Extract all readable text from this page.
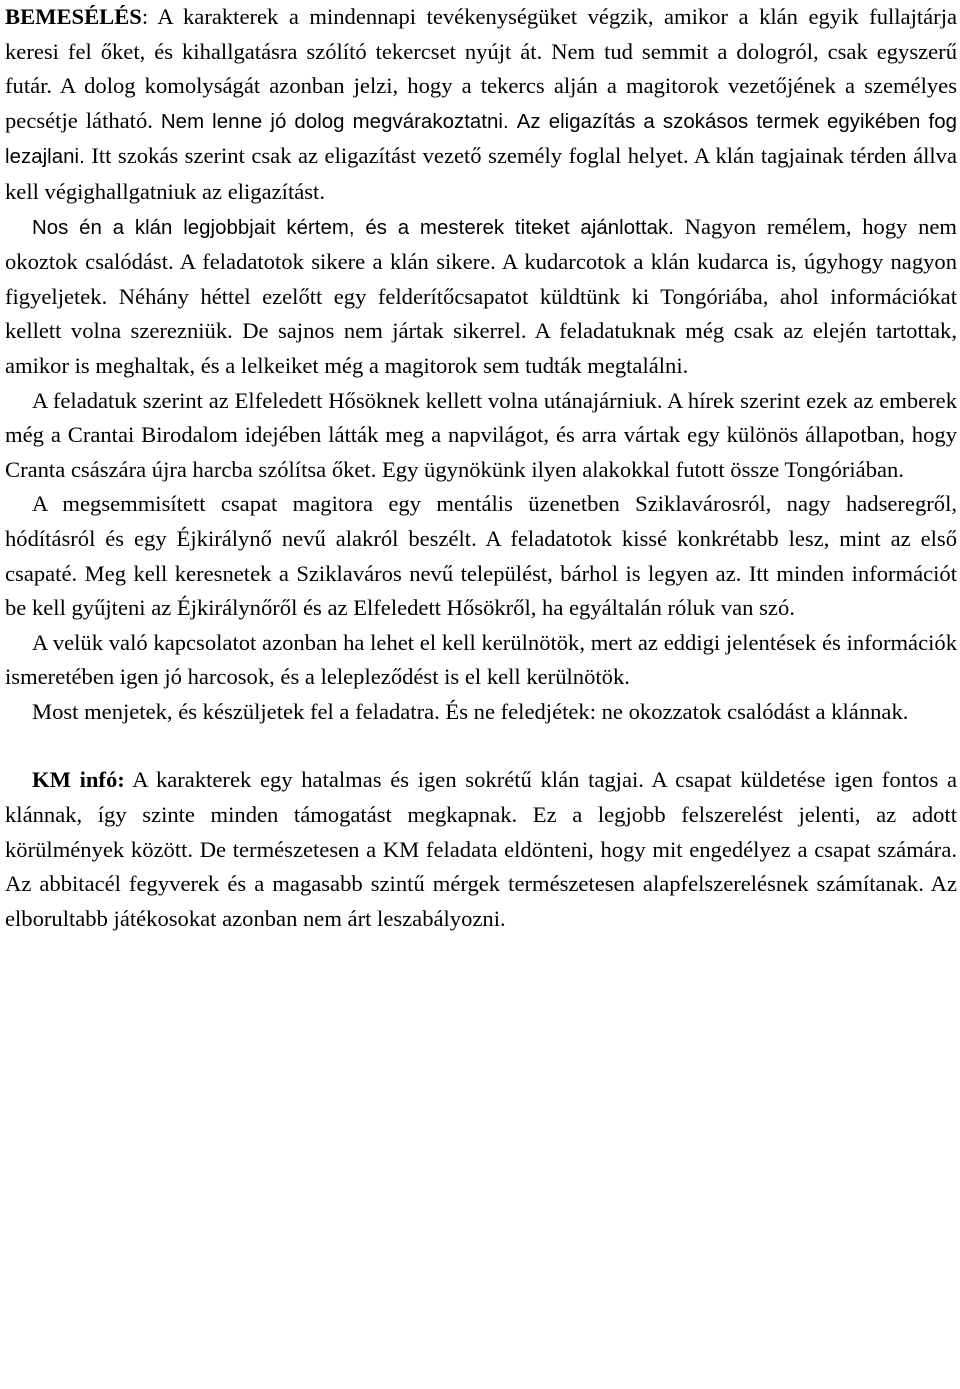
BEMESÉLÉS: A karakterek a mindennapi tevékenységüket végzik, amikor a klán egyik fullajtárja keresi fel őket, és kihallgatásra szólító tekercset nyújt át. Nem tud semmit a dologról, csak egyszerű futár. A dolog komolyságát azonban jelzi, hogy a tekercs alján a magitorok vezetőjének a személyes pecsétje látható. Nem lenne jó dolog megvárakoztatni. Az eligazítás a szokásos termek egyikében fog lezajlani. Itt szokás szerint csak az eligazítást vezető személy foglal helyet. A klán tagjainak térden állva kell végighallgatniuk az eligazítást.
Nos én a klán legjobbjait kértem, és a mesterek titeket ajánlottak. Nagyon remélem, hogy nem okoztok csalódást. A feladatotok sikere a klán sikere. A kudarcotok a klán kudarca is, úgyhogy nagyon figyeljetek. Néhány héttel ezelőtt egy felderítőcsapatot küldtünk ki Tongóriába, ahol információkat kellett volna szerezniük. De sajnos nem jártak sikerrel. A feladatuknak még csak az elején tartottak, amikor is meghaltak, és a lelkeiket még a magitorok sem tudták megtalálni.

A feladatuk szerint az Elfeledett Hősöknek kellett volna utánajárniuk. A hírek szerint ezek az emberek még a Crantai Birodalom idejében látták meg a napvilágot, és arra vártak egy különös állapotban, hogy Cranta császára újra harcba szólítsa őket. Egy ügynökünk ilyen alakokkal futott össze Tongóriában.

A megsemmisített csapat magitora egy mentális üzenetben Sziklavárosról, nagy hadseregről, hódításról és egy Éjkirálynő nevű alakról beszélt. A feladatotok kissé konkrétabb lesz, mint az első csapaté. Meg kell keresnetek a Sziklaváros nevű települést, bárhol is legyen az. Itt minden információt be kell gyűjteni az Éjkirálynőről és az Elfeledett Hősökről, ha egyáltalán róluk van szó.

A velük való kapcsolatot azonban ha lehet el kell kerülnötök, mert az eddigi jelentések és információk ismeretében igen jó harcosok, és a lelepleződést is el kell kerülnötök.

Most menjetek, és készüljetek fel a feladatra. És ne feledjétek: ne okozzatok csalódást a klánnak.

KM infó: A karakterek egy hatalmas és igen sokrétű klán tagjai. A csapat küldetése igen fontos a klánnak, így szinte minden támogatást megkapnak. Ez a legjobb felszerelést jelenti, az adott körülmények között. De természetesen a KM feladata eldönteni, hogy mit engedélyez a csapat számára. Az abbitacél fegyverek és a magasabb szintű mérgek természetesen alapfelszerelésnek számítanak. Az elborultabb játékosokat azonban nem árt leszabályozni.
